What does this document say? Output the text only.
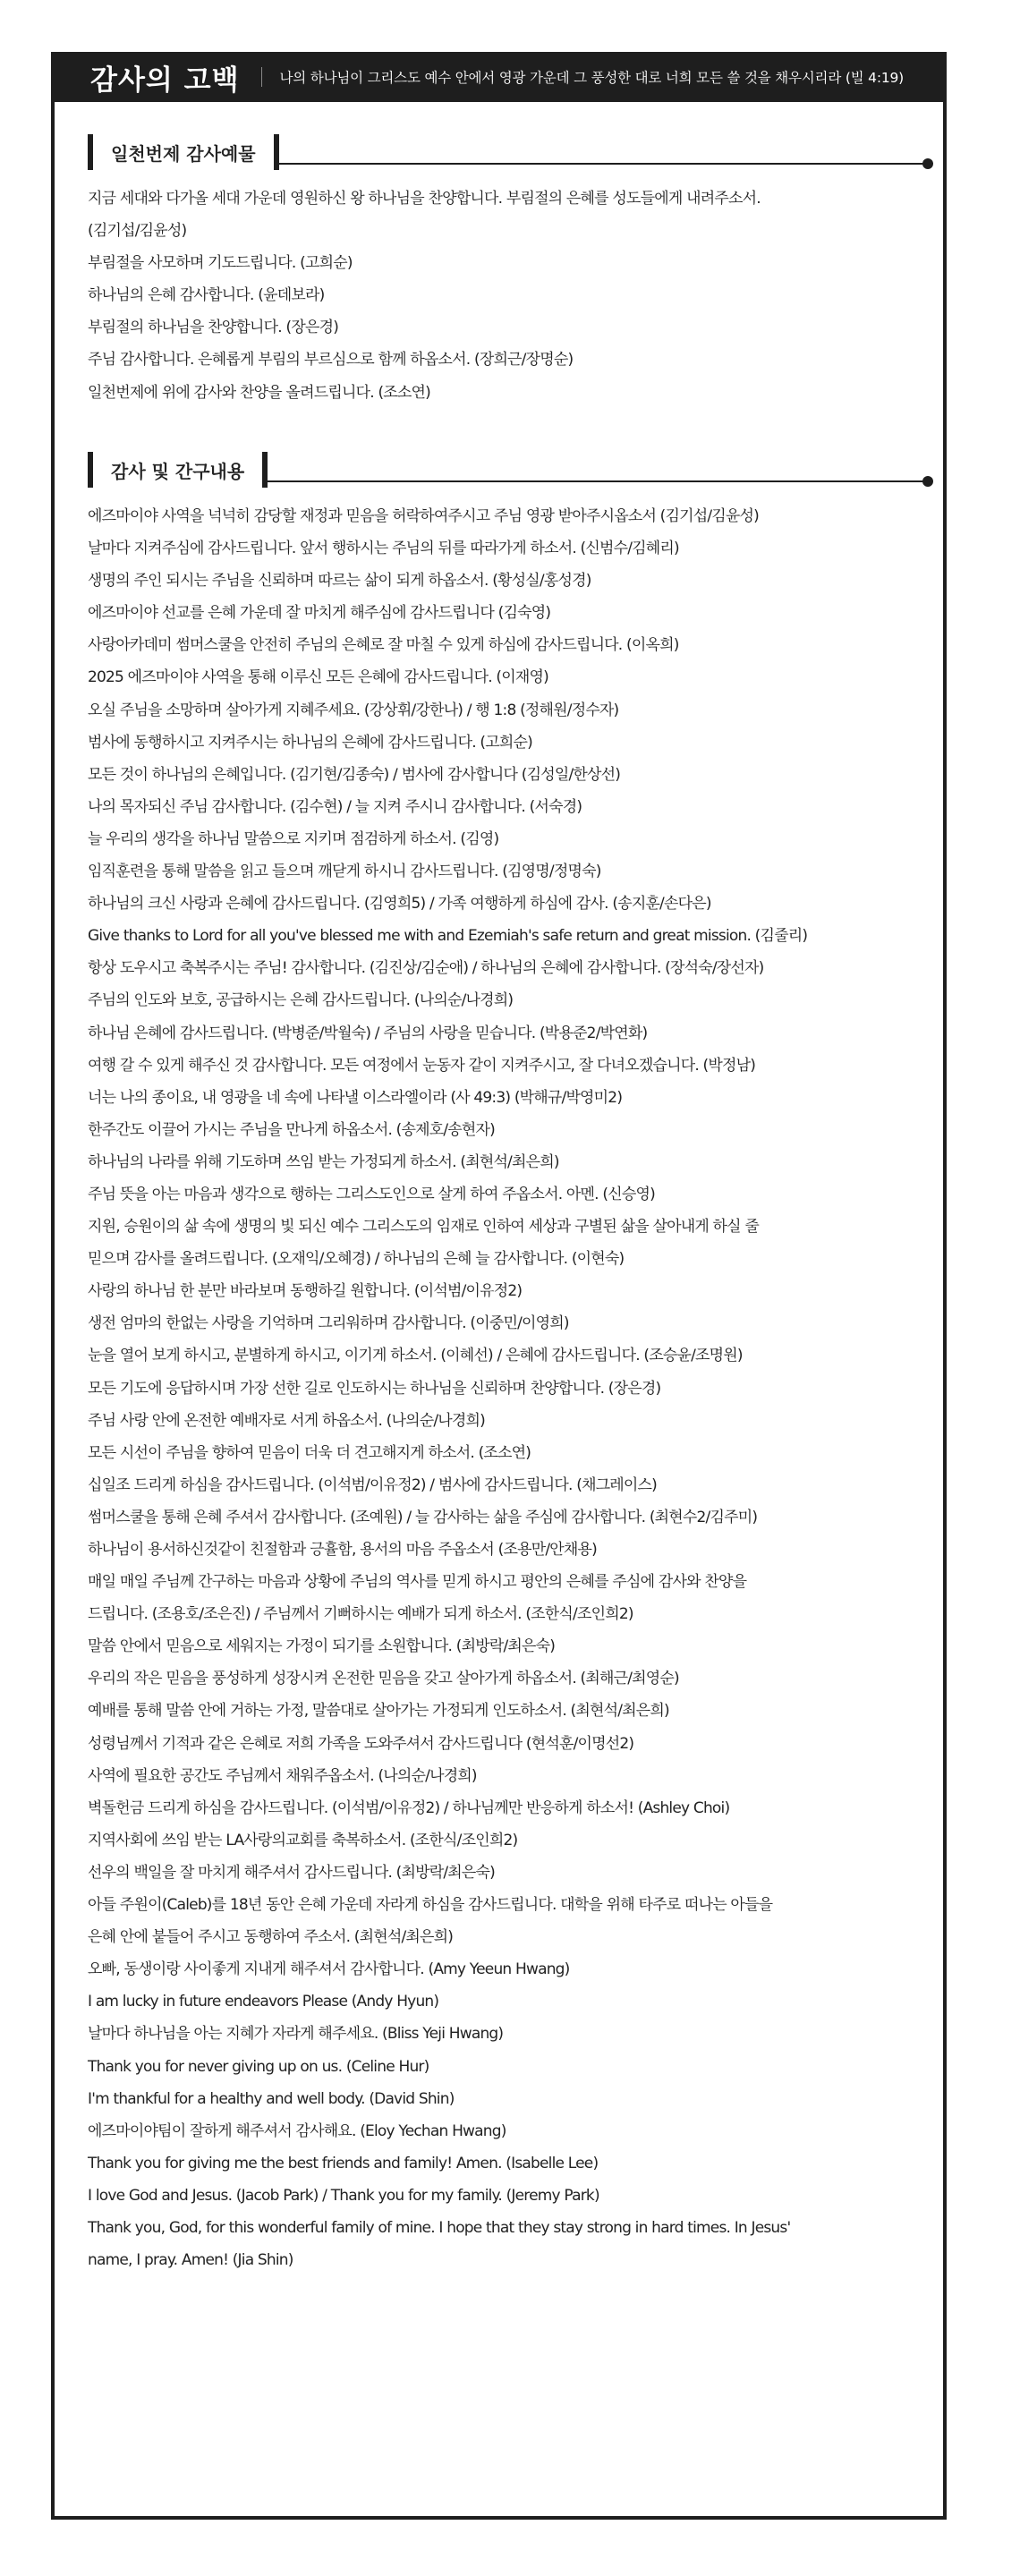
감사의 고백	나의 하나님이 그리스도 예수 안에서 영광 가운데 그 풍성한 대로 너희 모든 쓸 것을 채우시리라 (빌 4:19)
일천번제 감사예물
지금 세대와 다가올 세대 가운데 영원하신 왕 하나님을 찬양합니다. 부림절의 은혜를 성도들에게 내려주소서.
(김기섭/김윤성)
부림절을 사모하며 기도드립니다. (고희순)
하나님의 은혜 감사합니다. (윤데보라)
부림절의 하나님을 찬양합니다. (장은경)
주님 감사합니다. 은혜롭게 부림의 부르심으로 함께 하옵소서. (장희근/장명순)
일천번제에 위에 감사와 찬양을 올려드립니다. (조소연)
감사 및 간구내용
에즈마이야 사역을 넉넉히 감당할 재정과 믿음을 허락하여주시고 주님 영광 받아주시옵소서 (김기섭/김윤성)
날마다 지켜주심에 감사드립니다. 앞서 행하시는 주님의 뒤를 따라가게 하소서. (신범수/김혜리)
생명의 주인 되시는 주님을 신뢰하며 따르는 삶이 되게 하옵소서. (황성실/홍성경)
에즈마이야 선교를 은혜 가운데 잘 마치게 해주심에 감사드립니다 (김숙영)
사랑아카데미 썸머스쿨을 안전히 주님의 은혜로 잘 마칠 수 있게 하심에 감사드립니다. (이옥희)
2025 에즈마이야 사역을 통해 이루신 모든 은혜에 감사드립니다. (이재영)
오실 주님을 소망하며 살아가게 지혜주세요. (강상휘/강한나) / 행 1:8 (정해원/정수자)
범사에 동행하시고 지켜주시는 하나님의 은혜에 감사드립니다. (고희순)
모든 것이 하나님의 은혜입니다. (김기현/김종숙) / 범사에 감사합니다 (김성일/한상선)
나의 목자되신 주님 감사합니다. (김수현) / 늘 지켜 주시니 감사합니다. (서숙경)
늘 우리의 생각을 하나님 말씀으로 지키며 점검하게 하소서. (김영)
임직훈련을 통해 말씀을 읽고 들으며 깨닫게 하시니 감사드립니다. (김영명/정명숙)
하나님의 크신 사랑과 은혜에 감사드립니다. (김영희5) / 가족 여행하게 하심에 감사. (송지훈/손다은)
Give thanks to Lord for all you've blessed me with and Ezemiah's safe return and great mission. (김줄리)
항상 도우시고 축복주시는 주님! 감사합니다. (김진상/김순애) / 하나님의 은혜에 감사합니다. (장석숙/장선자)
주님의 인도와 보호, 공급하시는 은혜 감사드립니다. (나의순/나경희)
하나님 은혜에 감사드립니다. (박병준/박월숙) / 주님의 사랑을 믿습니다. (박용준2/박연화)
여행 갈 수 있게 해주신 것 감사합니다. 모든 여정에서 눈동자 같이 지켜주시고, 잘 다녀오겠습니다. (박정남)
너는 나의 종이요, 내 영광을 네 속에 나타낼 이스라엘이라 (사 49:3) (박해규/박영미2)
한주간도 이끌어 가시는 주님을 만나게 하옵소서. (송제호/송현자)
하나님의 나라를 위해 기도하며 쓰임 받는 가정되게 하소서. (최현석/최은희)
주님 뜻을 아는 마음과 생각으로 행하는 그리스도인으로 살게 하여 주옵소서. 아멘. (신승영)
지원, 승원이의 삶 속에 생명의 빛 되신 예수 그리스도의 임재로 인하여 세상과 구별된 삶을 살아내게 하실 줄
믿으며 감사를 올려드립니다. (오재익/오혜경) / 하나님의 은혜 늘 감사합니다. (이현숙)
사랑의 하나님 한 분만 바라보며 동행하길 원합니다. (이석범/이유정2)
생전 엄마의 한없는 사랑을 기억하며 그리워하며 감사합니다. (이중민/이영희)
눈을 열어 보게 하시고, 분별하게 하시고, 이기게 하소서. (이혜선) / 은혜에 감사드립니다. (조승윤/조명원)
모든 기도에 응답하시며 가장 선한 길로 인도하시는 하나님을 신뢰하며 찬양합니다. (장은경)
주님 사랑 안에 온전한 예배자로 서게 하옵소서. (나의순/나경희)
모든 시선이 주님을 향하여 믿음이 더욱 더 견고해지게 하소서. (조소연)
십일조 드리게 하심을 감사드립니다. (이석범/이유정2) / 범사에 감사드립니다. (채그레이스)
썸머스쿨을 통해 은혜 주셔서 감사합니다. (조예원) / 늘 감사하는 삶을 주심에 감사합니다. (최현수2/김주미)
하나님이 용서하신것같이 친절함과 긍휼함, 용서의 마음 주옵소서 (조용만/안채용)
매일 매일 주님께 간구하는 마음과 상황에 주님의 역사를 믿게 하시고 평안의 은혜를 주심에 감사와 찬양을
드립니다. (조용호/조은진) / 주님께서 기뻐하시는 예배가 되게 하소서. (조한식/조인희2)
말씀 안에서 믿음으로 세워지는 가정이 되기를 소원합니다. (최방락/최은숙)
우리의 작은 믿음을 풍성하게 성장시켜 온전한 믿음을 갖고 살아가게 하옵소서. (최해근/최영순)
예배를 통해 말씀 안에 거하는 가정, 말씀대로 살아가는 가정되게 인도하소서. (최현석/최은희)
성령님께서 기적과 같은 은혜로 저희 가족을 도와주셔서 감사드립니다 (현석훈/이명선2)
사역에 필요한 공간도 주님께서 채워주옵소서. (나의순/나경희)
벽돌헌금 드리게 하심을 감사드립니다. (이석범/이유정2) / 하나님께만 반응하게 하소서! (Ashley Choi)
지역사회에 쓰임 받는 LA사랑의교회를 축복하소서. (조한식/조인희2)
선우의 백일을 잘 마치게 해주셔서 감사드립니다. (최방락/최은숙)
아들 주원이(Caleb)를 18년 동안 은혜 가운데 자라게 하심을 감사드립니다. 대학을 위해 타주로 떠나는 아들을
은혜 안에 붙들어 주시고 동행하여 주소서. (최현석/최은희)
오빠, 동생이랑 사이좋게 지내게 해주셔서 감사합니다. (Amy Yeeun Hwang)
I am lucky in future endeavors Please (Andy Hyun)
날마다 하나님을 아는 지혜가 자라게 해주세요. (Bliss Yeji Hwang)
Thank you for never giving up on us. (Celine Hur)
I'm thankful for a healthy and well body. (David Shin)
에즈마이야팀이 잘하게 해주셔서 감사해요. (Eloy Yechan Hwang)
Thank you for giving me the best friends and family! Amen. (Isabelle Lee)
I love God and Jesus. (Jacob Park) / Thank you for my family. (Jeremy Park)
Thank you, God, for this wonderful family of mine. I hope that they stay strong in hard times. In Jesus'
name, I pray. Amen! (Jia Shin)
